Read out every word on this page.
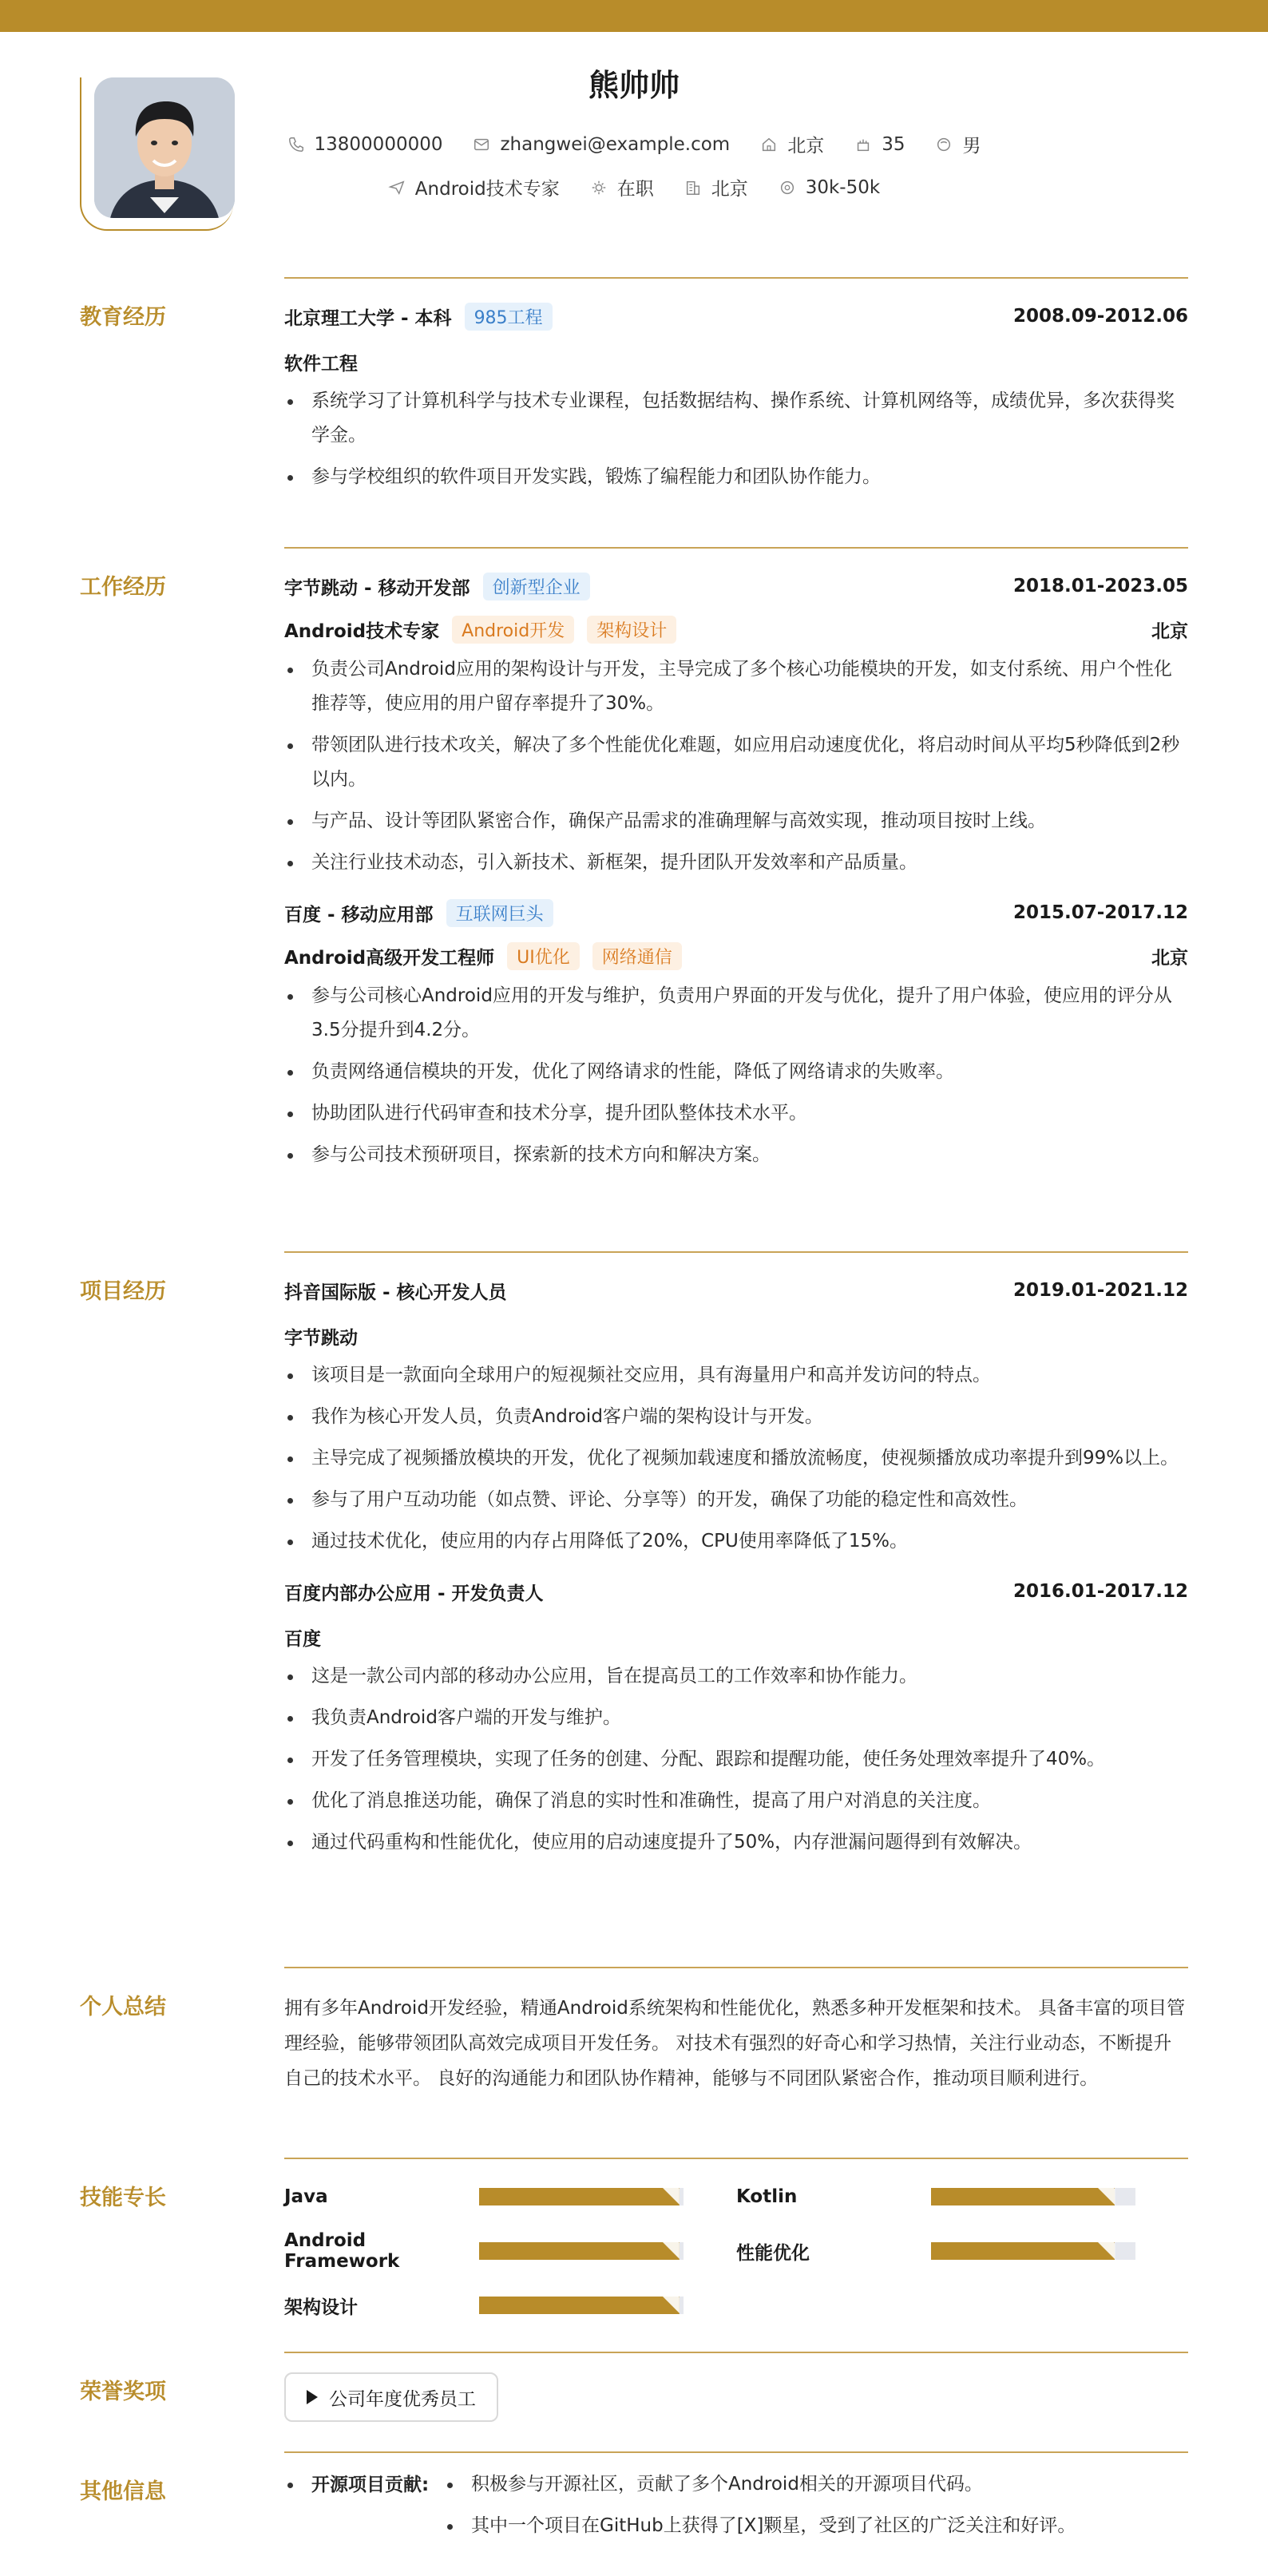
熊帅帅
13800000000	zhangwei@example.com	北京	35	男
Android技术专家	在职	北京	30k-50k
教育经历	北京理工大学 - 本科	985工程	2008.09-2012.06
软件工程
系统学习了计算机科学与技术专业课程，包括数据结构、操作系统、计算机网络等，成绩优异，多次获得奖学金。
参与学校组织的软件项目开发实践，锻炼了编程能力和团队协作能力。
工作经历	字节跳动 - 移动开发部	创新型企业	2018.01-2023.05
Android技术专家	Android开发	架构设计	北京
负责公司Android应用的架构设计与开发，主导完成了多个核心功能模块的开发，如支付系统、用户个性化推荐等，使应用的用户留存率提升了30%。
带领团队进行技术攻关，解决了多个性能优化难题，如应用启动速度优化，将启动时间从平均5秒降低到2秒以内。
与产品、设计等团队紧密合作，确保产品需求的准确理解与高效实现，推动项目按时上线。
关注行业技术动态，引入新技术、新框架，提升团队开发效率和产品质量。
百度 - 移动应用部	互联网巨头	2015.07-2017.12
Android高级开发工程师	UI优化	网络通信	北京
参与公司核心Android应用的开发与维护，负责用户界面的开发与优化，提升了用户体验，使应用的评分从3.5分提升到4.2分。
负责网络通信模块的开发，优化了网络请求的性能，降低了网络请求的失败率。
协助团队进行代码审查和技术分享，提升团队整体技术水平。
参与公司技术预研项目，探索新的技术方向和解决方案。
项目经历	抖音国际版 - 核心开发人员	2019.01-2021.12
字节跳动
该项目是一款面向全球用户的短视频社交应用，具有海量用户和高并发访问的特点。
我作为核心开发人员，负责Android客户端的架构设计与开发。
主导完成了视频播放模块的开发，优化了视频加载速度和播放流畅度，使视频播放成功率提升到99%以上。
参与了用户互动功能（如点赞、评论、分享等）的开发，确保了功能的稳定性和高效性。
通过技术优化，使应用的内存占用降低了20%，CPU使用率降低了15%。
百度内部办公应用 - 开发负责人	2016.01-2017.12
百度
这是一款公司内部的移动办公应用，旨在提高员工的工作效率和协作能力。
我负责Android客户端的开发与维护。
开发了任务管理模块，实现了任务的创建、分配、跟踪和提醒功能，使任务处理效率提升了40%。
优化了消息推送功能，确保了消息的实时性和准确性，提高了用户对消息的关注度。
通过代码重构和性能优化，使应用的启动速度提升了50%，内存泄漏问题得到有效解决。
个人总结	拥有多年Android开发经验，精通Android系统架构和性能优化，熟悉多种开发框架和技术。 具备丰富的项目管理经验，能够带领团队高效完成项目开发任务。 对技术有强烈的好奇心和学习热情，关注行业动态，不断提升自己的技术水平。 良好的沟通能力和团队协作精神，能够与不同团队紧密合作，推动项目顺利进行。
技能专长	Java	Kotlin
Android Framework	性能优化
架构设计
荣誉奖项	公司年度优秀员工
其他信息	开源项目贡献:	积极参与开源社区，贡献了多个Android相关的开源项目代码。
其中一个项目在GitHub上获得了[X]颗星，受到了社区的广泛关注和好评。
